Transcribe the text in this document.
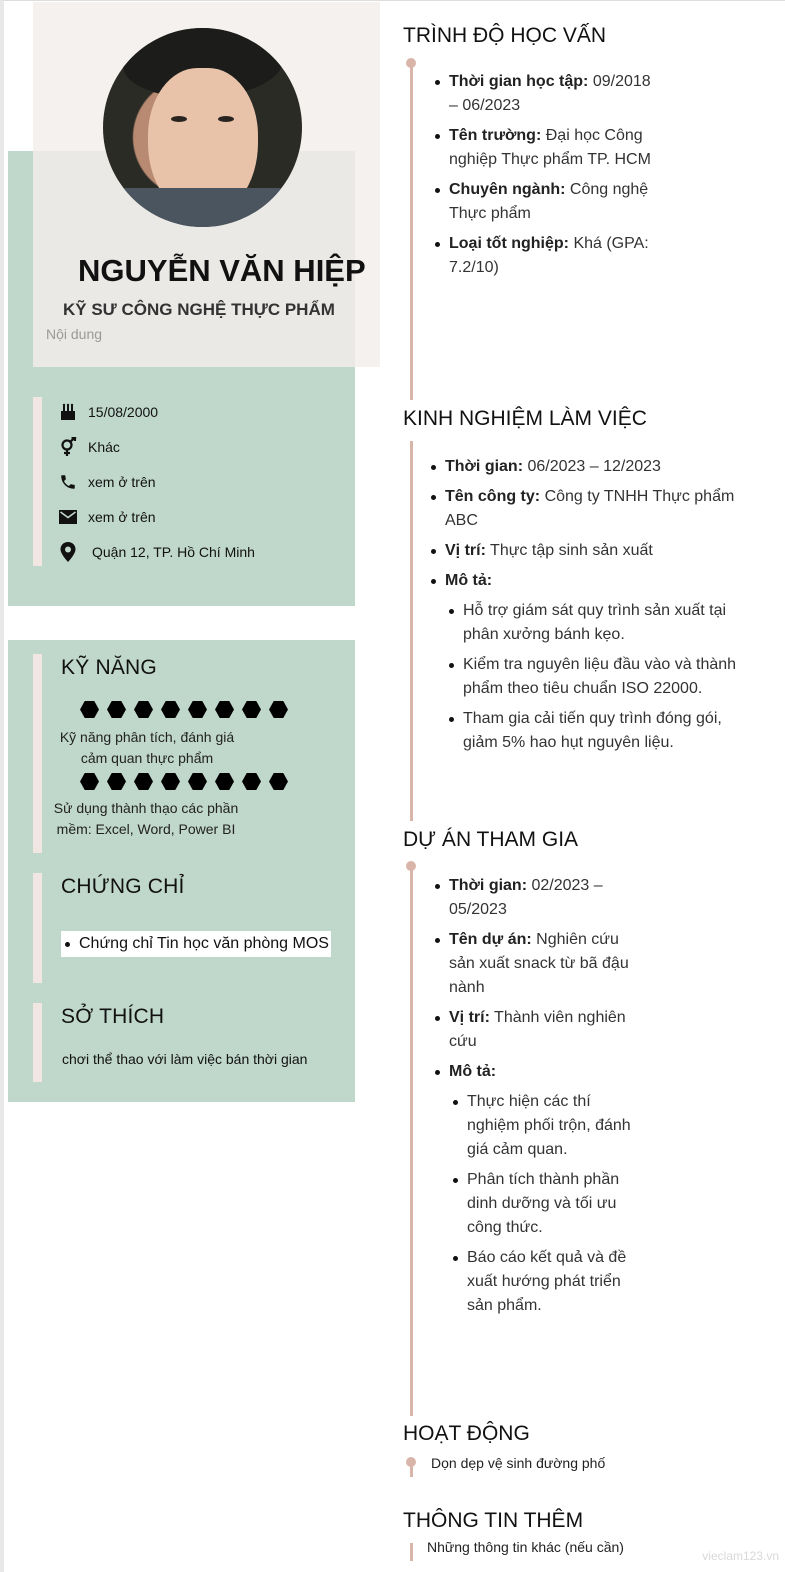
NGUYỄN VĂN HIỆP
KỸ SƯ CÔNG NGHỆ THỰC PHẨM
Nội dung
15/08/2000
Khác
xem ở trên
xem ở trên
Quận 12, TP. Hồ Chí Minh
KỸ NĂNG
Kỹ năng phân tích, đánh giá
cảm quan thực phẩm
Sử dụng thành thạo các phần
mềm: Excel, Word, Power BI
CHỨNG CHỈ
Chứng chỉ Tin học văn phòng MOS
SỞ THÍCH
chơi thể thao với làm việc bán thời gian
TRÌNH ĐỘ HỌC VẤN
Thời gian học tập: 09/2018 – 06/2023
Tên trường: Đại học Công nghiệp Thực phẩm TP. HCM
Chuyên ngành: Công nghệ Thực phẩm
Loại tốt nghiệp: Khá (GPA: 7.2/10)
KINH NGHIỆM LÀM VIỆC
Thời gian: 06/2023 – 12/2023
Tên công ty: Công ty TNHH Thực phẩm ABC
Vị trí: Thực tập sinh sản xuất
Mô tả:
Hỗ trợ giám sát quy trình sản xuất tại phân xưởng bánh kẹo.
Kiểm tra nguyên liệu đầu vào và thành phẩm theo tiêu chuẩn ISO 22000.
Tham gia cải tiến quy trình đóng gói, giảm 5% hao hụt nguyên liệu.
DỰ ÁN THAM GIA
Thời gian: 02/2023 – 05/2023
Tên dự án: Nghiên cứu sản xuất snack từ bã đậu nành
Vị trí: Thành viên nghiên cứu
Mô tả:
Thực hiện các thí nghiệm phối trộn, đánh giá cảm quan.
Phân tích thành phần dinh dưỡng và tối ưu công thức.
Báo cáo kết quả và đề xuất hướng phát triển sản phẩm.
HOẠT ĐỘNG
Dọn dẹp vệ sinh đường phố
THÔNG TIN THÊM
Những thông tin khác (nếu cần)
vieclam123.vn
